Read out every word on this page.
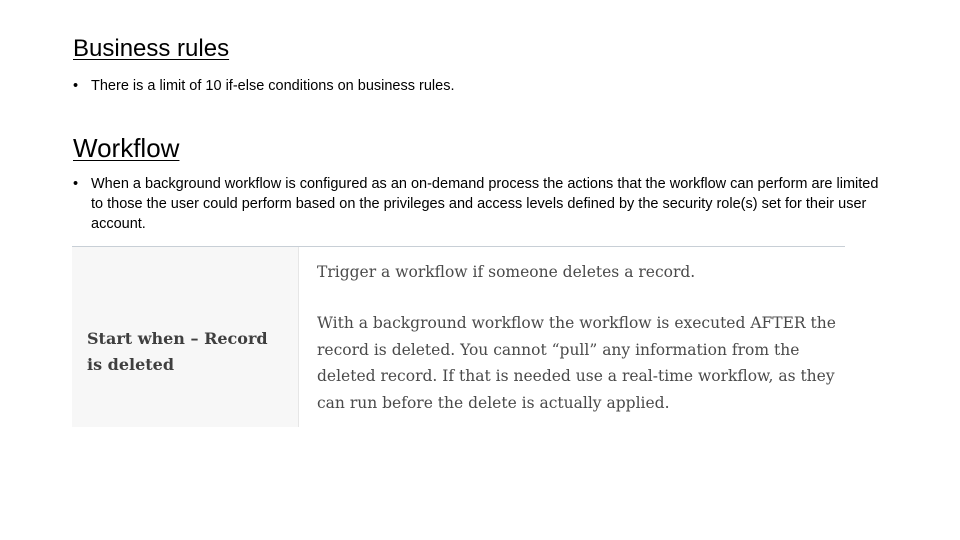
Business rules
• There is a limit of 10 if-else conditions on business rules.
Workflow
• When a background workflow is configured as an on-demand process the actions that the workflow can perform are limited to those the user could perform based on the privileges and access levels defined by the security role(s) set for their user account.
Start when – Record is deleted

Trigger a workflow if someone deletes a record.

With a background workflow the workflow is executed AFTER the record is deleted. You cannot “pull” any information from the deleted record. If that is needed use a real-time workflow, as they can run before the delete is actually applied.
